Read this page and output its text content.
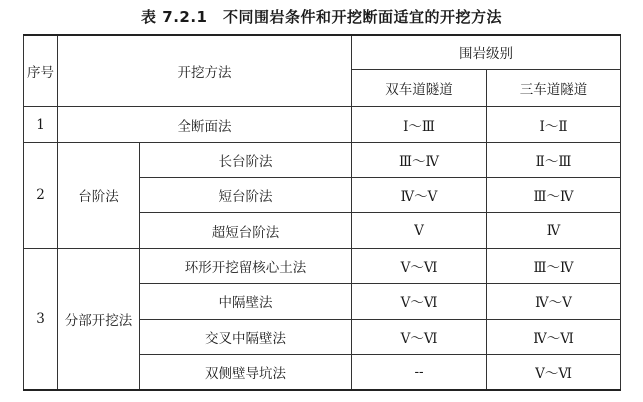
表 7.2.1　不同围岩条件和开挖断面适宜的开挖方法
序号	开挖方法		围岩级别	
			双车道隧道	三车道隧道
1	全断面法		Ⅰ～Ⅲ	Ⅰ～Ⅱ
2	台阶法	长台阶法	Ⅲ～Ⅳ	Ⅱ～Ⅲ
		短台阶法	Ⅳ～Ⅴ	Ⅲ～Ⅳ
		超短台阶法	Ⅴ	Ⅳ
3	分部开挖法	环形开挖留核心土法	Ⅴ～Ⅵ	Ⅲ～Ⅳ
		中隔壁法	Ⅴ～Ⅵ	Ⅳ～Ⅴ
		交叉中隔壁法	Ⅴ～Ⅵ	Ⅳ～Ⅵ
		双侧壁导坑法	--	Ⅴ～Ⅵ
